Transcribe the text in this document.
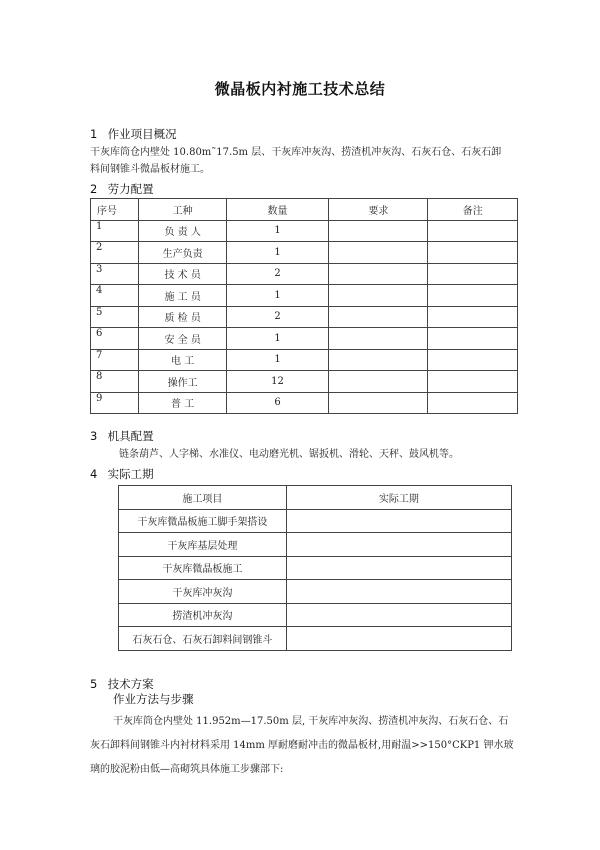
微晶板内衬施工技术总结
1 作业项目概况
干灰库筒仓内壁处 10.80m˜17.5m 层、干灰库冲灰沟、捞渣机冲灰沟、石灰石仓、石灰石卸
料间钢锥斗微晶板材施工。
2 劳力配置
序号	工种	数量	要求	备注
1	负 责 人	1		
2	生产负责	1		
3	技 术 员	2		
4	施 工 员	1		
5	质 检 员	2		
6	安 全 员	1		
7	电 工	1		
8	操作工	12		
9	普 工	6		
3 机具配置
链条葫芦、人字梯、水准仪、电动磨光机、锯扳机、滑轮、天秤、鼓风机等。
4 实际工期
施工项目	实际工期
干灰库微晶板施工脚手架搭设	
干灰库基层处理	
干灰库微晶板施工	
干灰库冲灰沟	
捞渣机冲灰沟	
石灰石仓、石灰石卸料间钢锥斗	
5 技术方案
作业方法与步骤
干灰库筒仓内壁处 11.952m—17.50m 层, 干灰库冲灰沟、捞渣机冲灰沟、石灰石仓、石
灰石卸料间钢锥斗内衬材料采用 14mm 厚耐磨耐冲击的微晶板材,用耐温>>150°CKP1 钾水玻
璃的胶泥粉由低—高砌筑具体施工步骤部下:
